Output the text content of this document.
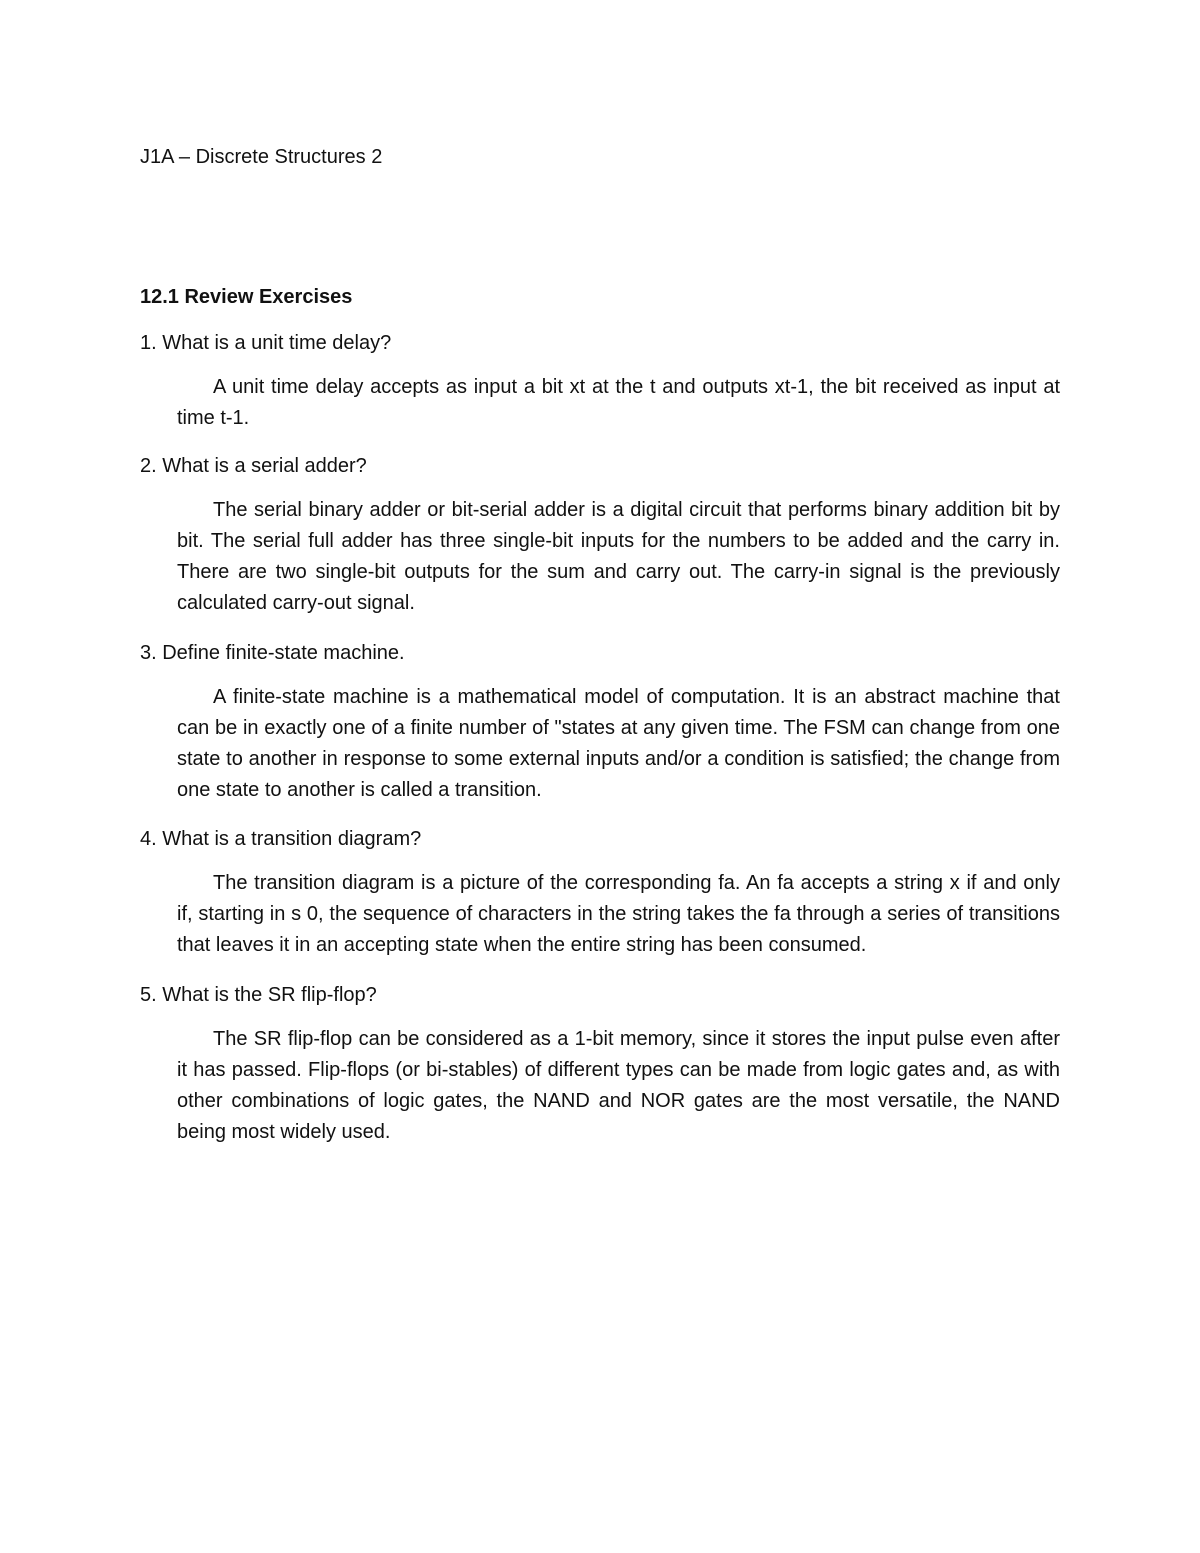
J1A – Discrete Structures 2

12.1 Review Exercises

1. What is a unit time delay?

A unit time delay accepts as input a bit xt at the t and outputs xt-1, the bit received as input at time t-1.

2. What is a serial adder?

The serial binary adder or bit-serial adder is a digital circuit that performs binary addition bit by bit. The serial full adder has three single-bit inputs for the numbers to be added and the carry in. There are two single-bit outputs for the sum and carry out. The carry-in signal is the previously calculated carry-out signal.

3. Define finite-state machine.

A finite-state machine is a mathematical model of computation. It is an abstract machine that can be in exactly one of a finite number of "states at any given time. The FSM can change from one state to another in response to some external inputs and/or a condition is satisfied; the change from one state to another is called a transition.

4. What is a transition diagram?

The transition diagram is a picture of the corresponding fa. An fa accepts a string x if and only if, starting in s 0, the sequence of characters in the string takes the fa through a series of transitions that leaves it in an accepting state when the entire string has been consumed.

5. What is the SR flip-flop?

The SR flip-flop can be considered as a 1-bit memory, since it stores the input pulse even after it has passed. Flip-flops (or bi-stables) of different types can be made from logic gates and, as with other combinations of logic gates, the NAND and NOR gates are the most versatile, the NAND being most widely used.
